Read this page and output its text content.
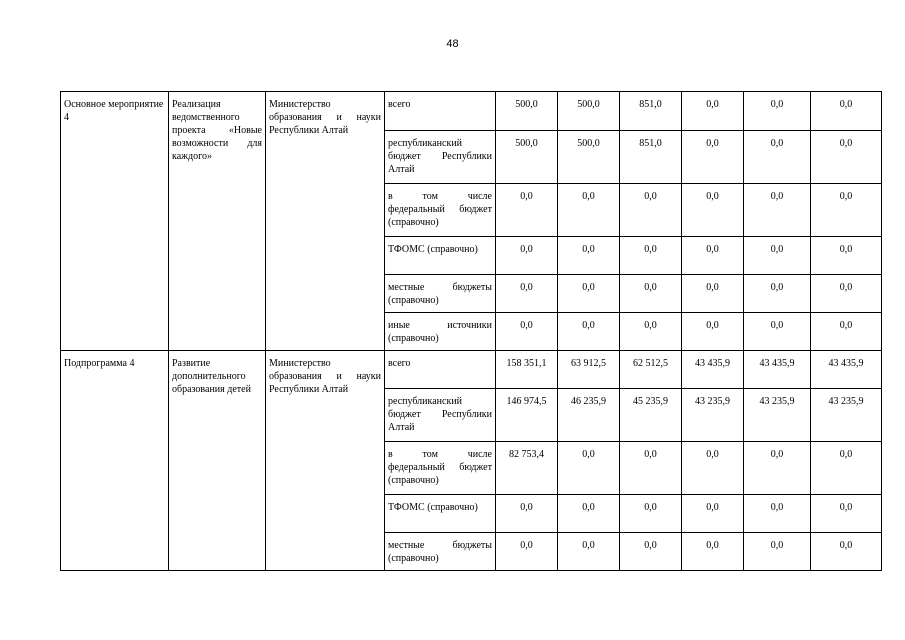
48
Основное мероприятие 4	Реализация ведомственного проекта «Новые возможности для каждого»	Министерство образования и науки Республики Алтай	всего	500,0	500,0	851,0	0,0	0,0	0,0
			республиканский бюджет Республики Алтай	500,0	500,0	851,0	0,0	0,0	0,0
			в том числе федеральный бюджет (справочно)	0,0	0,0	0,0	0,0	0,0	0,0
			ТФОМС (справочно)	0,0	0,0	0,0	0,0	0,0	0,0
			местные бюджеты (справочно)	0,0	0,0	0,0	0,0	0,0	0,0
			иные источники (справочно)	0,0	0,0	0,0	0,0	0,0	0,0
Подпрограмма 4	Развитие дополнительного образования детей	Министерство образования и науки Республики Алтай	всего	158 351,1	63 912,5	62 512,5	43 435,9	43 435,9	43 435,9
			республиканский бюджет Республики Алтай	146 974,5	46 235,9	45 235,9	43 235,9	43 235,9	43 235,9
			в том числе федеральный бюджет (справочно)	82 753,4	0,0	0,0	0,0	0,0	0,0
			ТФОМС (справочно)	0,0	0,0	0,0	0,0	0,0	0,0
			местные бюджеты (справочно)	0,0	0,0	0,0	0,0	0,0	0,0
